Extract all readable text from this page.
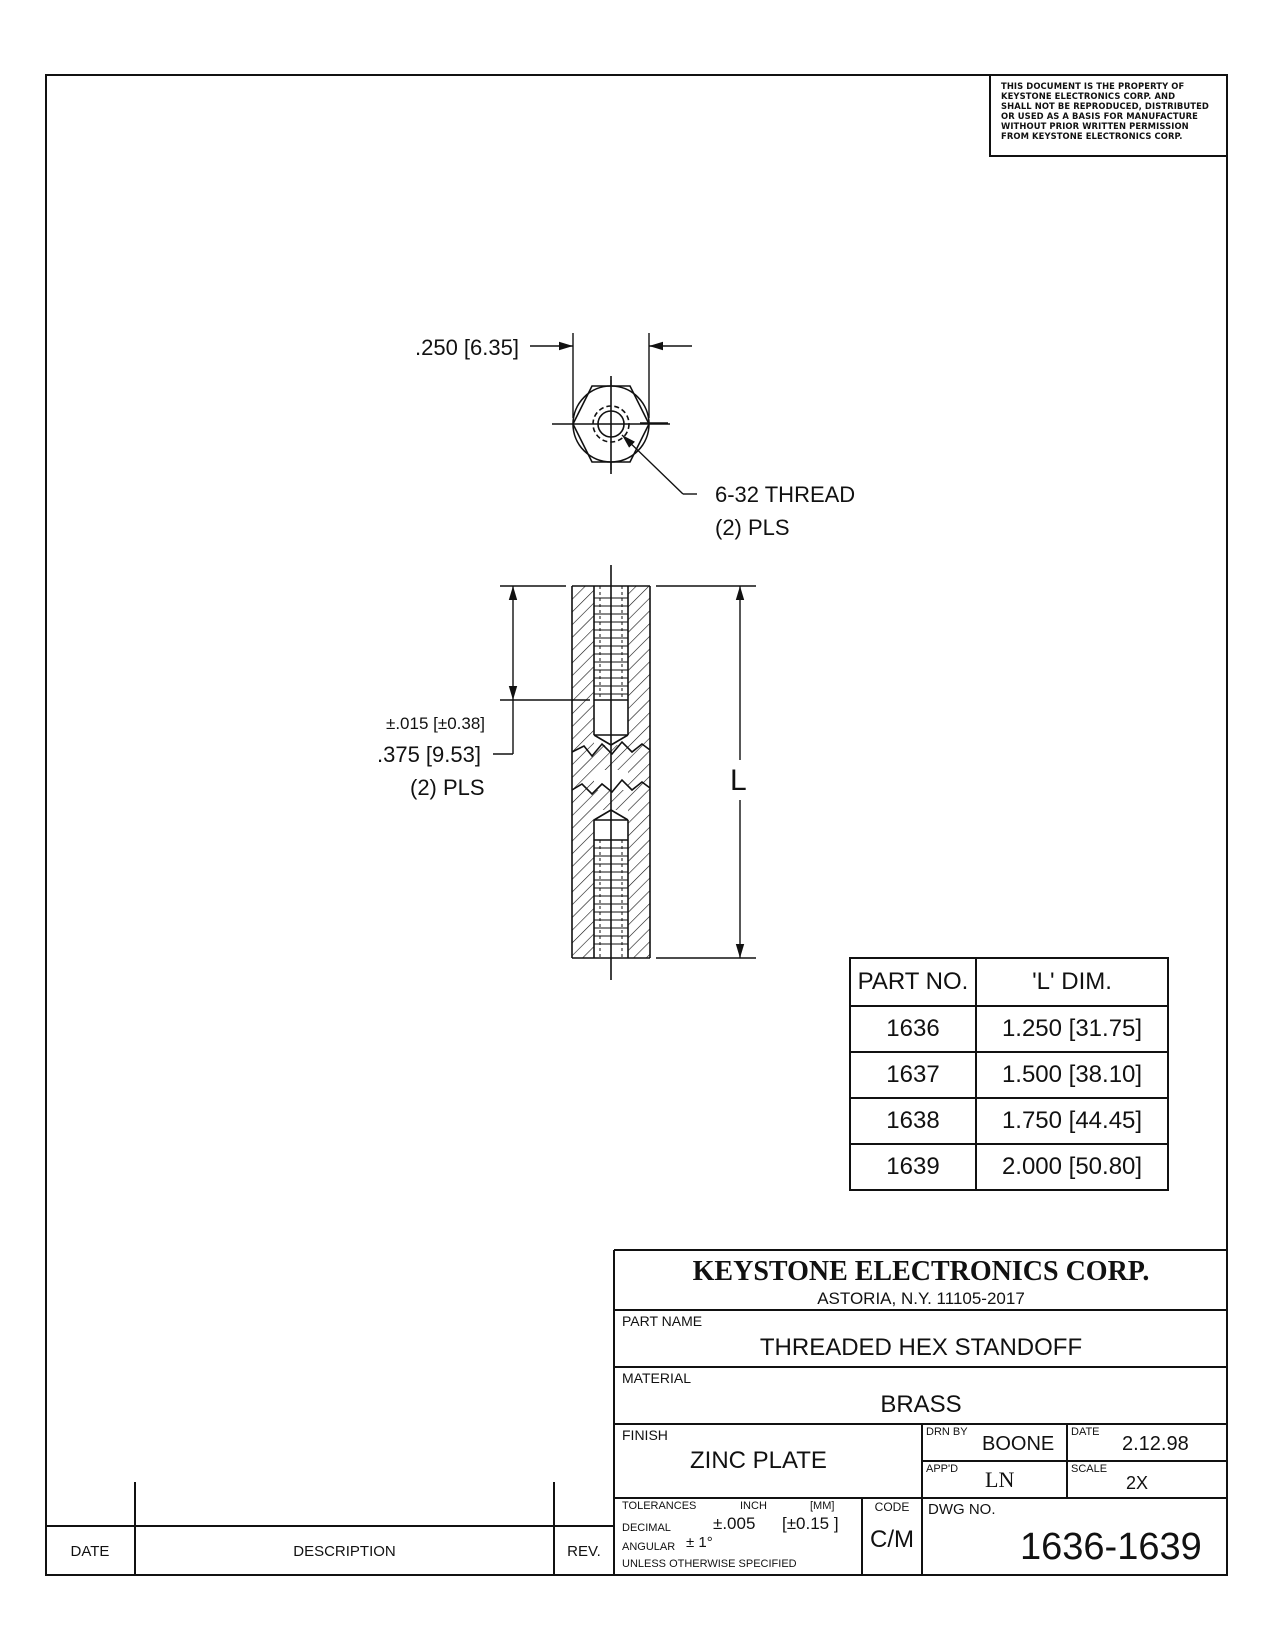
THIS DOCUMENT IS THE PROPERTY OF
KEYSTONE ELECTRONICS CORP. AND
SHALL NOT BE REPRODUCED, DISTRIBUTED
OR USED AS A BASIS FOR MANUFACTURE
WITHOUT PRIOR WRITTEN PERMISSION
FROM KEYSTONE ELECTRONICS CORP.
.250 [6.35]
6-32 THREAD
(2) PLS
±.015 [±0.38]
.375 [9.53]
(2) PLS	L
PART NO.	'L' DIM.
1636	1.250 [31.75]
1637	1.500 [38.10]
1638	1.750 [44.45]
1639	2.000 [50.80]
KEYSTONE ELECTRONICS CORP.
ASTORIA, N.Y. 11105-2017
PART NAME
THREADED HEX STANDOFF
MATERIAL
BRASS
FINISH
ZINC PLATE
DRN BY
BOONE
DATE
2.12.98
APP'D LN	SCALE
2X
TOLERANCES	INCH	[MM]
DECIMAL ±.005 [±0.15 ]
ANGULAR ± 1°
UNLESS OTHERWISE SPECIFIED
CODE
C/M
DWG NO.
1636-1639
DATE	DESCRIPTION	REV.
